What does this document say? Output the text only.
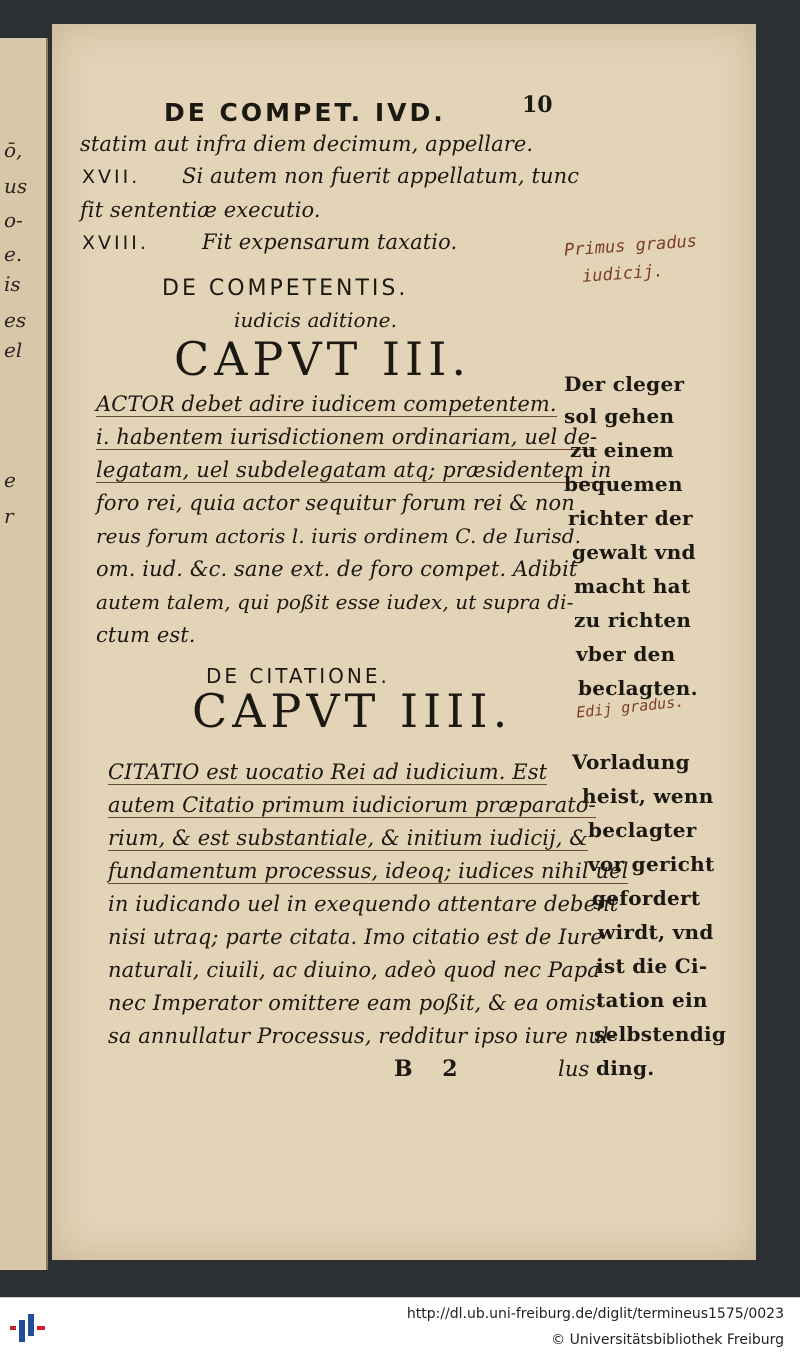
ō,
us
o-
e.
is
es
el
e
r
DE COMPET. IVD.	10
statim aut infra diem decimum, appellare.
XVII. Si autem non fuerit appellatum, tunc
fit sententiæ executio.
XVIII.	Fit expensarum taxatio.
DE COMPETENTIS.
iudicis aditione.
CAPVT III.
ACTOR debet adire iudicem competentem.
i. habentem iurisdictionem ordinariam, uel de-
legatam, uel subdelegatam atq; præsidentem in
foro rei, quia actor sequitur forum rei & non
reus forum actoris l. iuris ordinem C. de Iurisd.
om. iud. &c. sane ext. de foro compet. Adibit
autem talem, qui poßit esse iudex, ut supra di-
ctum est.
Der cleger
sol gehen
zu einem
bequemen
richter der
gewalt vnd
macht hat
zu richten
vber den
beclagten.
DE CITATIONE.
CAPVT IIII.
CITATIO est uocatio Rei ad iudicium. Est
autem Citatio primum iudiciorum præparato-
rium, & est substantiale, & initium iudicij, &
fundamentum processus, ideoq; iudices nihil uel
in iudicando uel in exequendo attentare debent
nisi utraq; parte citata. Imo citatio est de Iure
naturali, ciuili, ac diuino, adeò quod nec Papa
nec Imperator omittere eam poßit, & ea omis-
sa annullatur Processus, redditur ipso iure nul-
lus
Vorladung
heist, wenn
beclagter
vor gericht
gefordert
wirdt, vnd
ist die Ci-
tation ein
selbstendig
ding.
Primus gradus
iudicij.
Edij gradus.
B 2
http://dl.ub.uni-freiburg.de/diglit/termineus1575/0023
© Universitätsbibliothek Freiburg
